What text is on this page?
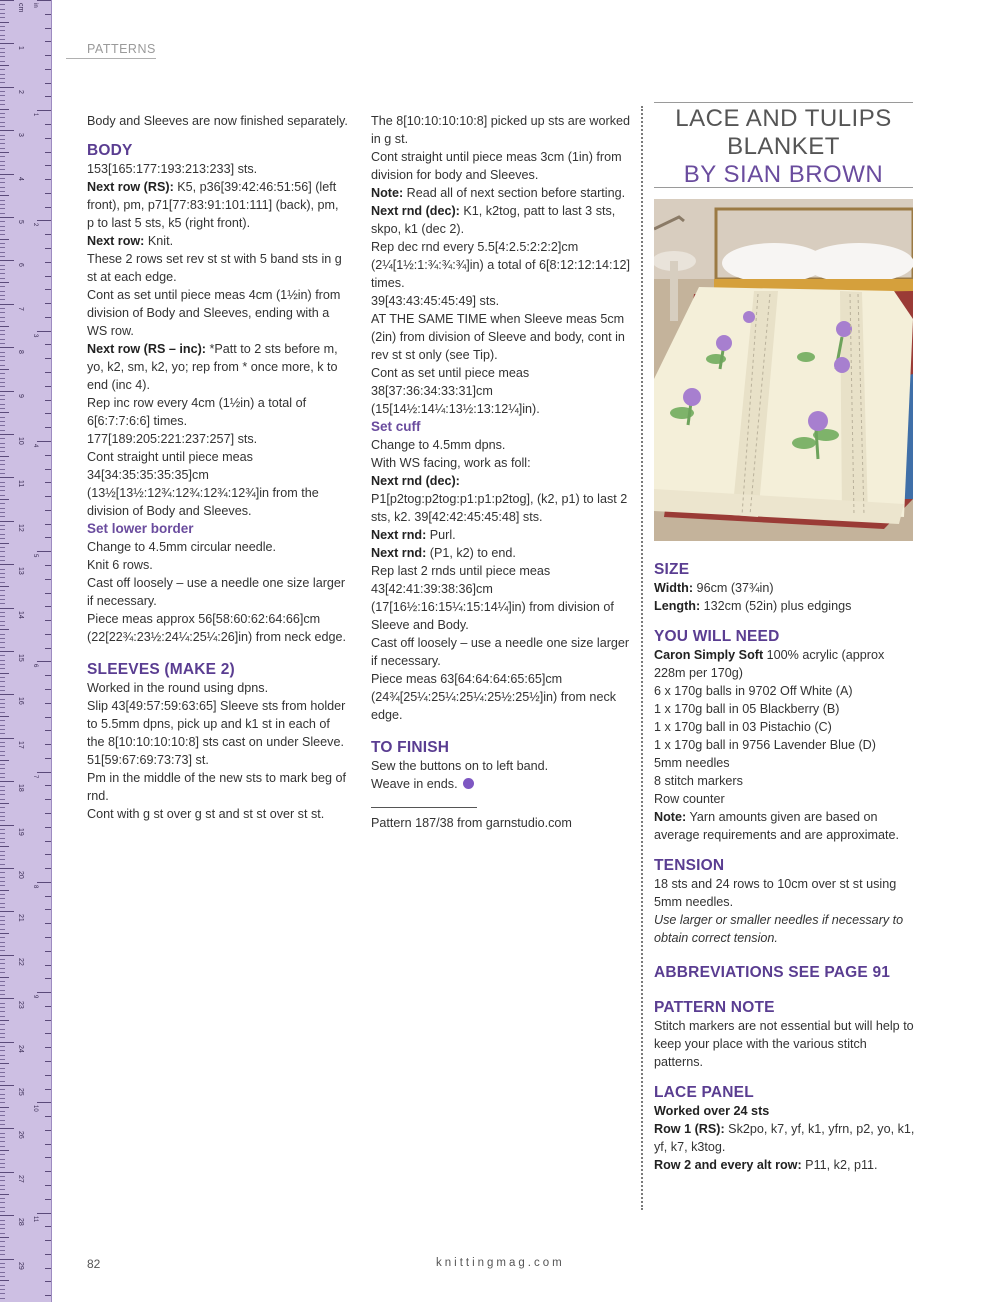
cm
1
2
3
4
5
6
7
8
9
10
11
12
13
14
15
16
17
18
19
20
21
22
23
24
25
26
27
28
29
in
1
2
3
4
5
6
7
8
9
10
11
PATTERNS

Body and Sleeves are now finished separately.

BODY

153[165:177:193:213:233] sts.

Next row (RS): K5, p36[39:42:46:51:56] (left front), pm, p71[77:83:91:101:111] (back), pm, p to last 5 sts, k5 (right front).

Next row: Knit.

These 2 rows set rev st st with 5 band sts in g st at each edge.

Cont as set until piece meas 4cm (1½in) from division of Body and Sleeves, ending with a WS row.

Next row (RS – inc): *Patt to 2 sts before m, yo, k2, sm, k2, yo; rep from * once more, k to end (inc 4).

Rep inc row every 4cm (1½in) a total of 6[6:7:7:6:6] times.

177[189:205:221:237:257] sts.

Cont straight until piece meas 34[34:35:35:35:35]cm (13½[13½:12¾:12¾:12¾:12¾]in from the division of Body and Sleeves.

Set lower border

Change to 4.5mm circular needle.

Knit 6 rows.

Cast off loosely – use a needle one size larger if necessary.

Piece meas approx 56[58:60:62:64:66]cm (22[22¾:23½:24¼:25¼:26]in) from neck edge.

SLEEVES (MAKE 2)

Worked in the round using dpns.

Slip 43[49:57:59:63:65] Sleeve sts from holder to 5.5mm dpns, pick up and k1 st in each of the 8[10:10:10:10:8] sts cast on under Sleeve. 51[59:67:69:73:73] st.

Pm in the middle of the new sts to mark beg of rnd.

Cont with g st over g st and st st over st st.

The 8[10:10:10:10:8] picked up sts are worked in g st.

Cont straight until piece meas 3cm (1in) from division for body and Sleeves.

Note: Read all of next section before starting.

Next rnd (dec): K1, k2tog, patt to last 3 sts, skpo, k1 (dec 2).

Rep dec rnd every 5.5[4:2.5:2:2:2]cm (2¼[1½:1:¾:¾:¾]in) a total of 6[8:12:12:14:12] times.

39[43:43:45:45:49] sts.

AT THE SAME TIME when Sleeve meas 5cm (2in) from division of Sleeve and body, cont in rev st st only (see Tip).

Cont as set until piece meas 38[37:36:34:33:31]cm (15[14½:14¼:13½:13:12¼]in).

Set cuff

Change to 4.5mm dpns.

With WS facing, work as foll:

Next rnd (dec):

P1[p2tog:p2tog:p1:p1:p2tog], (k2, p1) to last 2 sts, k2. 39[42:42:45:45:48] sts.

Next rnd: Purl.

Next rnd: (P1, k2) to end.

Rep last 2 rnds until piece meas 43[42:41:39:38:36]cm (17[16½:16:15¼:15:14¼]in) from division of Sleeve and Body.

Cast off loosely – use a needle one size larger if necessary.

Piece meas 63[64:64:64:65:65]cm (24¾[25¼:25¼:25¼:25½:25½]in) from neck edge.

TO FINISH

Sew the buttons on to left band.

Weave in ends.

Pattern 187/38 from garnstudio.com

LACE AND TULIPS
BLANKET
BY SIAN BROWN
SIZE

Width: 96cm (37¾in)

Length: 132cm (52in) plus edgings

YOU WILL NEED

Caron Simply Soft 100% acrylic (approx 228m per 170g)

6 x 170g balls in 9702 Off White (A)

1 x 170g ball in 05 Blackberry (B)

1 x 170g ball in 03 Pistachio (C)

1 x 170g ball in 9756 Lavender Blue (D)

5mm needles

8 stitch markers

Row counter

Note: Yarn amounts given are based on average requirements and are approximate.

TENSION

18 sts and 24 rows to 10cm over st st using 5mm needles.

Use larger or smaller needles if necessary to obtain correct tension.

ABBREVIATIONS SEE PAGE 91
PATTERN NOTE

Stitch markers are not essential but will help to keep your place with the various stitch patterns.

LACE PANEL

Worked over 24 sts

Row 1 (RS): Sk2po, k7, yf, k1, yfrn, p2, yo, k1, yf, k7, k3tog.

Row 2 and every alt row: P11, k2, p11.

82	knittingmag.com
